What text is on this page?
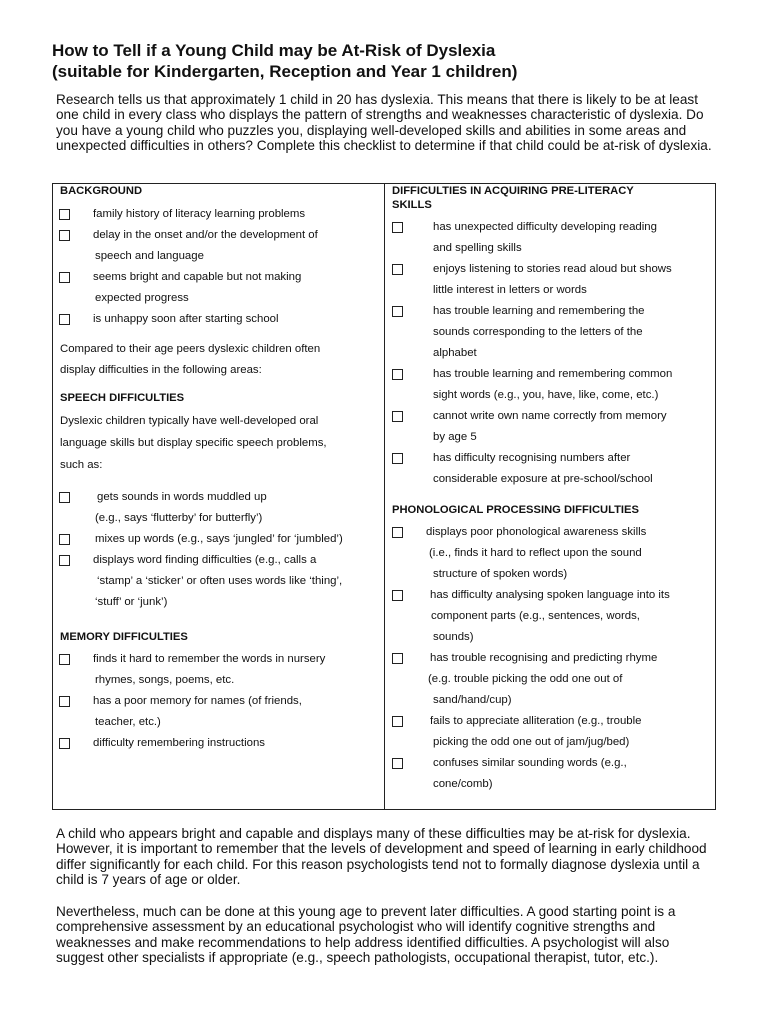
How to Tell if a Young Child may be At-Risk of Dyslexia
(suitable for Kindergarten, Reception and Year 1 children)
Research tells us that approximately 1 child in 20 has dyslexia. This means that there is likely to be at least one child in every class who displays the pattern of strengths and weaknesses characteristic of dyslexia. Do you have a young child who puzzles you, displaying well-developed skills and abilities in some areas and unexpected difficulties in others? Complete this checklist to determine if that child could be at-risk of dyslexia.
BACKGROUND
family history of literacy learning problems
delay in the onset and/or the development of
speech and language
seems bright and capable but not making
expected progress
is unhappy soon after starting school
Compared to their age peers dyslexic children often
display difficulties in the following areas:
SPEECH DIFFICULTIES
Dyslexic children typically have well-developed oral
language skills but display specific speech problems,
such as:
gets sounds in words muddled up
(e.g., says ‘flutterby’ for butterfly’)
mixes up words (e.g., says ‘jungled’ for ‘jumbled’)
displays word finding difficulties (e.g., calls a
‘stamp’ a ‘sticker’ or often uses words like ‘thing’,
‘stuff’ or ‘junk’)
MEMORY DIFFICULTIES
finds it hard to remember the words in nursery
rhymes, songs, poems, etc.
has a poor memory for names (of friends,
teacher, etc.)
difficulty remembering instructions
DIFFICULTIES IN ACQUIRING PRE-LITERACY
SKILLS
has unexpected difficulty developing reading
and spelling skills
enjoys listening to stories read aloud but shows
little interest in letters or words
has trouble learning and remembering the
sounds corresponding to the letters of the
alphabet
has trouble learning and remembering common
sight words (e.g., you, have, like, come, etc.)
cannot write own name correctly from memory
by age 5
has difficulty recognising numbers after
considerable exposure at pre-school/school
PHONOLOGICAL PROCESSING DIFFICULTIES
displays poor phonological awareness skills
(i.e., finds it hard to reflect upon the sound
structure of spoken words)
has difficulty analysing spoken language into its
component parts (e.g., sentences, words,
sounds)
has trouble recognising and predicting rhyme
(e.g. trouble picking the odd one out of
sand/hand/cup)
fails to appreciate alliteration (e.g., trouble
picking the odd one out of jam/jug/bed)
confuses similar sounding words (e.g.,
cone/comb)
A child who appears bright and capable and displays many of these difficulties may be at-risk for dyslexia. However, it is important to remember that the levels of development and speed of learning in early childhood differ significantly for each child. For this reason psychologists tend not to formally diagnose dyslexia until a child is 7 years of age or older.
Nevertheless, much can be done at this young age to prevent later difficulties. A good starting point is a comprehensive assessment by an educational psychologist who will identify cognitive strengths and weaknesses and make recommendations to help address identified difficulties. A psychologist will also suggest other specialists if appropriate (e.g., speech pathologists, occupational therapist, tutor, etc.).
